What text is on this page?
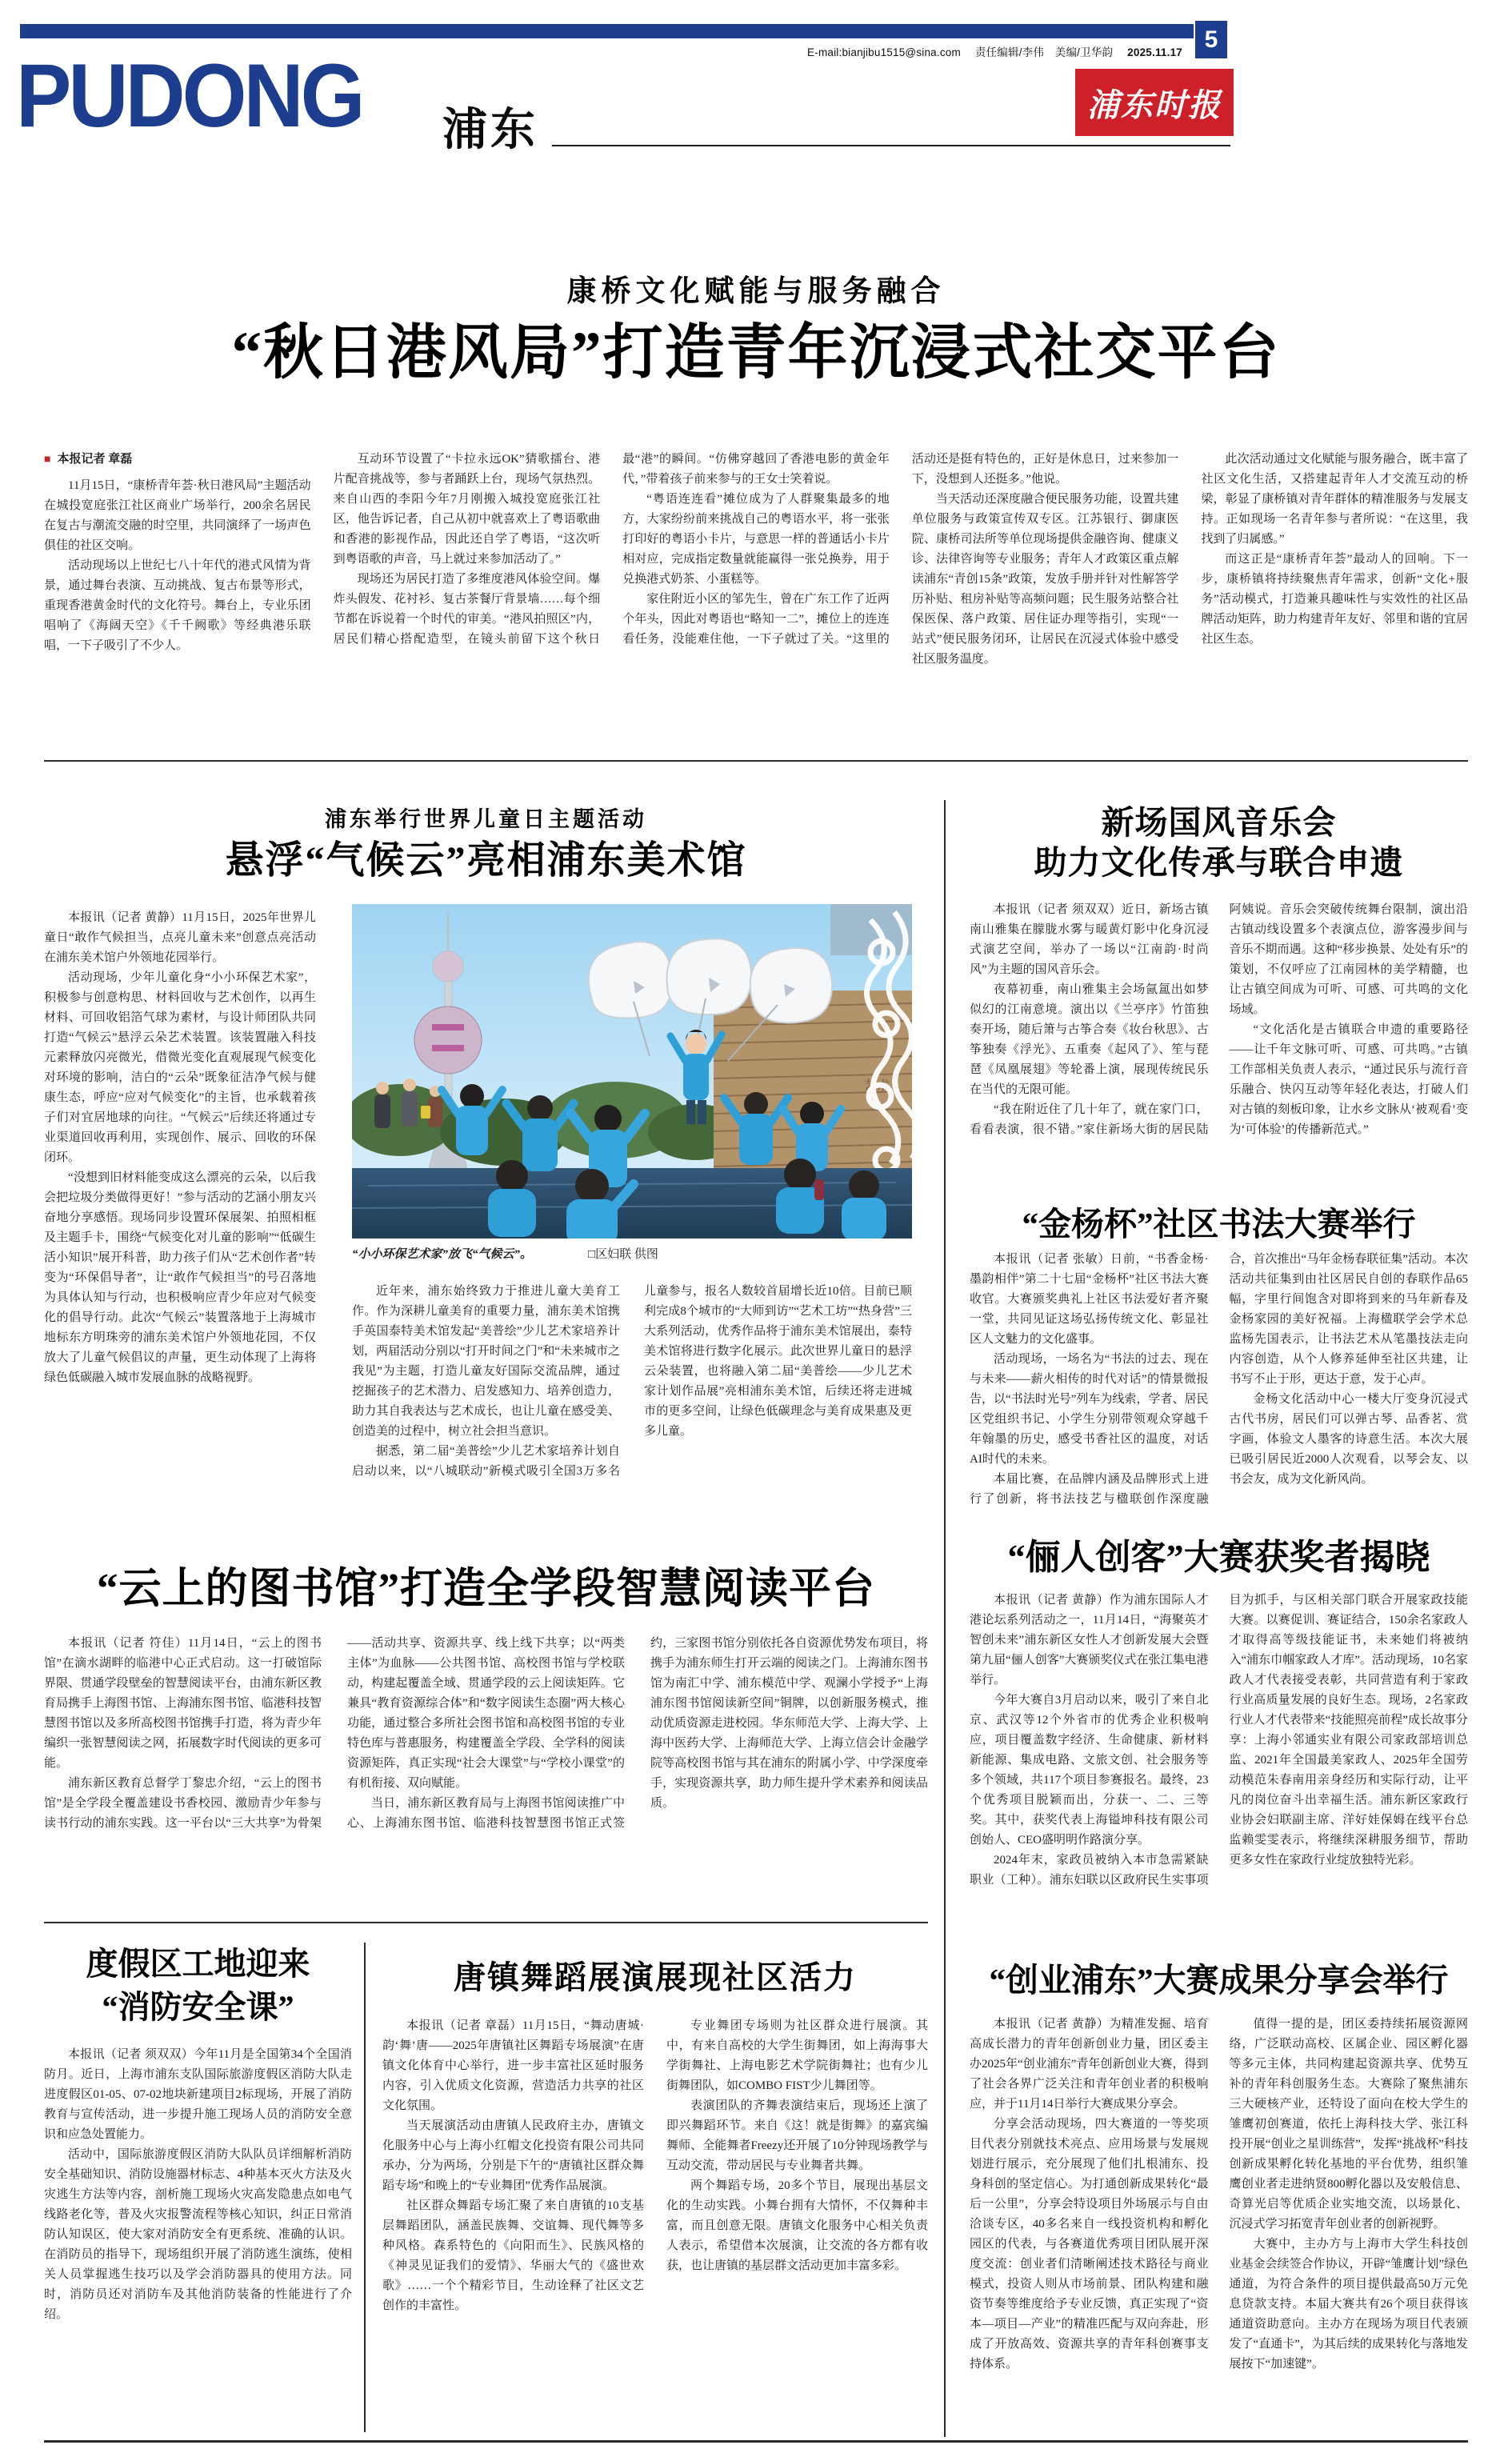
5
E-mail:bianjibu1515@sina.com 责任编辑/李伟　美编/卫华韵 2025.11.17
PUDONG 浦东
浦东时报
康桥文化赋能与服务融合
“秋日港风局”打造青年沉浸式社交平台

■ 本报记者 章磊

11月15日，“康桥青年荟·秋日港风局”主题活动在城投宽庭张江社区商业广场举行，200余名居民在复古与潮流交融的时空里，共同演绎了一场声色俱佳的社区交响。

活动现场以上世纪七八十年代的港式风情为背景，通过舞台表演、互动挑战、复古布景等形式，重现香港黄金时代的文化符号。舞台上，专业乐团唱响了《海阔天空》《千千阙歌》等经典港乐联唱，一下子吸引了不少人。

互动环节设置了“卡拉永远OK”猜歌擂台、港片配音挑战等，参与者踊跃上台，现场气氛热烈。来自山西的李阳今年7月刚搬入城投宽庭张江社区，他告诉记者，自己从初中就喜欢上了粤语歌曲和香港的影视作品，因此还自学了粤语，“这次听到粤语歌的声音，马上就过来参加活动了。”

现场还为居民打造了多维度港风体验空间。爆炸头假发、花衬衫、复古茶餐厅背景墙……每个细节都在诉说着一个时代的审美。“港风拍照区”内，居民们精心搭配造型，在镜头前留下这个秋日最“港”的瞬间。“仿佛穿越回了香港电影的黄金年代，”带着孩子前来参与的王女士笑着说。

“粤语连连看”摊位成为了人群聚集最多的地方，大家纷纷前来挑战自己的粤语水平，将一张张打印好的粤语小卡片，与意思一样的普通话小卡片相对应，完成指定数量就能赢得一张兑换券，用于兑换港式奶茶、小蛋糕等。

家住附近小区的邹先生，曾在广东工作了近两个年头，因此对粤语也“略知一二”，摊位上的连连看任务，没能难住他，一下子就过了关。“这里的活动还是挺有特色的，正好是休息日，过来参加一下，没想到人还挺多。”他说。

当天活动还深度融合便民服务功能，设置共建单位服务与政策宣传双专区。江苏银行、御康医院、康桥司法所等单位现场提供金融咨询、健康义诊、法律咨询等专业服务；青年人才政策区重点解读浦东“青创15条”政策，发放手册并针对性解答学历补贴、租房补贴等高频问题；民生服务站整合社保医保、落户政策、居住证办理等指引，实现“一站式”便民服务闭环，让居民在沉浸式体验中感受社区服务温度。

此次活动通过文化赋能与服务融合，既丰富了社区文化生活，又搭建起青年人才交流互动的桥梁，彰显了康桥镇对青年群体的精准服务与发展支持。正如现场一名青年参与者所说：“在这里，我找到了归属感。”

而这正是“康桥青年荟”最动人的回响。下一步，康桥镇将持续聚焦青年需求，创新“文化+服务”活动模式，打造兼具趣味性与实效性的社区品牌活动矩阵，助力构建青年友好、邻里和谐的宜居社区生态。

浦东举行世界儿童日主题活动
悬浮“气候云”亮相浦东美术馆

本报讯（记者 黄静）11月15日，2025年世界儿童日“敢作气候担当，点亮儿童未来”创意点亮活动在浦东美术馆户外领地花园举行。

活动现场，少年儿童化身“小小环保艺术家”，积极参与创意构思、材料回收与艺术创作，以再生材料、可回收铝箔气球为素材，与设计师团队共同打造“气候云”悬浮云朵艺术装置。该装置融入科技元素释放闪亮微光，借微光变化直观展现气候变化对环境的影响，洁白的“云朵”既象征洁净气候与健康生态，呼应“应对气候变化”的主旨，也承载着孩子们对宜居地球的向往。“气候云”后续还将通过专业渠道回收再利用，实现创作、展示、回收的环保闭环。

“没想到旧材料能变成这么漂亮的云朵，以后我会把垃圾分类做得更好！”参与活动的艺涵小朋友兴奋地分享感悟。现场同步设置环保展架、拍照相框及主题手卡，围绕“气候变化对儿童的影响”“低碳生活小知识”展开科普，助力孩子们从“艺术创作者”转变为“环保倡导者”，让“敢作气候担当”的号召落地为具体认知与行动，也积极响应青少年应对气候变化的倡导行动。此次“气候云”装置落地于上海城市地标东方明珠旁的浦东美术馆户外领地花园，不仅放大了儿童气候倡议的声量，更生动体现了上海将绿色低碳融入城市发展血脉的战略视野。

艺术
“小小环保艺术家”放飞“气候云”。	□区妇联 供图

近年来，浦东始终致力于推进儿童大美育工作。作为深耕儿童美育的重要力量，浦东美术馆携手英国泰特美术馆发起“美普绘”少儿艺术家培养计划，两届活动分别以“打开时间之门”和“未来城市之我见”为主题，打造儿童友好国际交流品牌，通过挖掘孩子的艺术潜力、启发感知力、培养创造力，助力其自我表达与艺术成长，也让儿童在感受美、创造美的过程中，树立社会担当意识。

据悉，第二届“美普绘”少儿艺术家培养计划自启动以来，以“八城联动”新模式吸引全国3万多名儿童参与，报名人数较首届增长近10倍。目前已顺利完成8个城市的“大师到访”“艺术工坊”“热身营”三大系列活动，优秀作品将于浦东美术馆展出，泰特美术馆将进行数字化展示。此次世界儿童日的悬浮云朵装置，也将融入第二届“美普绘——少儿艺术家计划作品展”亮相浦东美术馆，后续还将走进城市的更多空间，让绿色低碳理念与美育成果惠及更多儿童。

“云上的图书馆”打造全学段智慧阅读平台

本报讯（记者 符佳）11月14日，“云上的图书馆”在滴水湖畔的临港中心正式启动。这一打破馆际界限、贯通学段壁垒的智慧阅读平台，由浦东新区教育局携手上海图书馆、上海浦东图书馆、临港科技智慧图书馆以及多所高校图书馆携手打造，将为青少年编织一张智慧阅读之网，拓展数字时代阅读的更多可能。

浦东新区教育总督学丁黎忠介绍，“云上的图书馆”是全学段全覆盖建设书香校园、激励青少年参与读书行动的浦东实践。这一平台以“三大共享”为骨架——活动共享、资源共享、线上线下共享；以“两类主体”为血脉——公共图书馆、高校图书馆与学校联动，构建起覆盖全域、贯通学段的云上阅读矩阵。它兼具“教育资源综合体”和“数字阅读生态圈”两大核心功能，通过整合多所社会图书馆和高校图书馆的专业特色库与普惠服务，构建覆盖全学段、全学科的阅读资源矩阵，真正实现“社会大课堂”与“学校小课堂”的有机衔接、双向赋能。

当日，浦东新区教育局与上海图书馆阅读推广中心、上海浦东图书馆、临港科技智慧图书馆正式签约，三家图书馆分别依托各自资源优势发布项目，将携手为浦东师生打开云端的阅读之门。上海浦东图书馆为南汇中学、浦东模范中学、观澜小学授予“上海浦东图书馆阅读新空间”铜牌，以创新服务模式，推动优质资源走进校园。华东师范大学、上海大学、上海中医药大学、上海师范大学、上海立信会计金融学院等高校图书馆与其在浦东的附属小学、中学深度牵手，实现资源共享，助力师生提升学术素养和阅读品质。

度假区工地迎来
“消防安全课”

本报讯（记者 须双双）今年11月是全国第34个全国消防月。近日，上海市浦东支队国际旅游度假区消防大队走进度假区01-05、07-02地块新建项目2标现场，开展了消防教育与宣传活动，进一步提升施工现场人员的消防安全意识和应急处置能力。

活动中，国际旅游度假区消防大队队员详细解析消防安全基础知识、消防设施器材标志、4种基本灭火方法及火灾逃生方法等内容，剖析施工现场火灾高发隐患点如电气线路老化等，普及火灾报警流程等核心知识，纠正日常消防认知误区，使大家对消防安全有更系统、准确的认识。在消防员的指导下，现场组织开展了消防逃生演练，使相关人员掌握逃生技巧以及学会消防器具的使用方法。同时，消防员还对消防车及其他消防装备的性能进行了介绍。

唐镇舞蹈展演展现社区活力

本报讯（记者 章磊）11月15日，“舞动唐城·韵‘舞’唐——2025年唐镇社区舞蹈专场展演”在唐镇文化体育中心举行，进一步丰富社区延时服务内容，引入优质文化资源，营造活力共享的社区文化氛围。

当天展演活动由唐镇人民政府主办，唐镇文化服务中心与上海小红帽文化投资有限公司共同承办，分为两场，分别是下午的“唐镇社区群众舞蹈专场”和晚上的“专业舞团”优秀作品展演。

社区群众舞蹈专场汇聚了来自唐镇的10支基层舞蹈团队，涵盖民族舞、交谊舞、现代舞等多种风格。森系特色的《向阳而生》、民族风格的《神灵见证我们的爱情》、华丽大气的《盛世欢歌》……一个个精彩节目，生动诠释了社区文艺创作的丰富性。

专业舞团专场则为社区群众进行展演。其中，有来自高校的大学生街舞团，如上海海事大学街舞社、上海电影艺术学院街舞社；也有少儿街舞团队，如COMBO FIST少儿舞团等。

表演团队的齐舞表演结束后，现场还上演了即兴舞蹈环节。来自《这！就是街舞》的嘉宾编舞师、全能舞者Freezy还开展了10分钟现场教学与互动交流，带动居民与专业舞者共舞。

两个舞蹈专场，20多个节目，展现出基层文化的生动实践。小舞台拥有大情怀，不仅舞种丰富，而且创意无限。唐镇文化服务中心相关负责人表示，希望借本次展演，让交流的各方都有收获，也让唐镇的基层群文活动更加丰富多彩。

新场国风音乐会
助力文化传承与联合申遗

本报讯（记者 须双双）近日，新场古镇南山雅集在朦胧水雾与暖黄灯影中化身沉浸式演艺空间，举办了一场以“江南韵·时尚风”为主题的国风音乐会。

夜幕初垂，南山雅集主会场氤氲出如梦似幻的江南意境。演出以《兰亭序》竹笛独奏开场，随后箫与古筝合奏《妆台秋思》、古筝独奏《浮光》、五重奏《起风了》、笙与琵琶《凤凰展翅》等轮番上演，展现传统民乐在当代的无限可能。

“我在附近住了几十年了，就在家门口，看看表演，很不错。”家住新场大街的居民陆阿姨说。音乐会突破传统舞台限制，演出沿古镇动线设置多个表演点位，游客漫步间与音乐不期而遇。这种“移步换景、处处有乐”的策划，不仅呼应了江南园林的美学精髓，也让古镇空间成为可听、可感、可共鸣的文化场域。

“文化活化是古镇联合申遗的重要路径——让千年文脉可听、可感、可共鸣。”古镇工作部相关负责人表示，“通过民乐与流行音乐融合、快闪互动等年轻化表达，打破人们对古镇的刻板印象，让水乡文脉从‘被观看’变为‘可体验’的传播新范式。”

“金杨杯”社区书法大赛举行

本报讯（记者 张敏）日前，“书香金杨·墨韵相伴”第二十七届“金杨杯”社区书法大赛收官。大赛颁奖典礼上社区书法爱好者齐聚一堂，共同见证这场弘扬传统文化、彰显社区人文魅力的文化盛事。

活动现场，一场名为“书法的过去、现在与未来——薪火相传的时代对话”的情景微报告，以“书法时光号”列车为线索，学者、居民区党组织书记、小学生分别带领观众穿越千年翰墨的历史，感受书香社区的温度，对话AI时代的未来。

本届比赛，在品牌内涵及品牌形式上进行了创新，将书法技艺与楹联创作深度融合，首次推出“马年金杨春联征集”活动。本次活动共征集到由社区居民自创的春联作品65幅，字里行间饱含对即将到来的马年新春及金杨家园的美好祝福。上海楹联学会学术总监杨先国表示，让书法艺术从笔墨技法走向内容创造，从个人修养延伸至社区共建，让书写不止于形，更达于意，发于心声。

金杨文化活动中心一楼大厅变身沉浸式古代书房，居民们可以弹古琴、品香茗、赏字画，体验文人墨客的诗意生活。本次大展已吸引居民近2000人次观看，以琴会友、以书会友，成为文化新风尚。

“俪人创客”大赛获奖者揭晓

本报讯（记者 黄静）作为浦东国际人才港论坛系列活动之一，11月14日，“海聚英才 智创未来”浦东新区女性人才创新发展大会暨第九届“俪人创客”大赛颁奖仪式在张江集电港举行。

今年大赛自3月启动以来，吸引了来自北京、武汉等12个外省市的优秀企业积极响应，项目覆盖数字经济、生命健康、新材料新能源、集成电路、文旅文创、社会服务等多个领域，共117个项目参赛报名。最终，23个优秀项目脱颖而出，分获一、二、三等奖。其中，获奖代表上海镒坤科技有限公司创始人、CEO盛明明作路演分享。

2024年末，家政员被纳入本市急需紧缺职业（工种）。浦东妇联以区政府民生实事项目为抓手，与区相关部门联合开展家政技能大赛。以赛促训、赛证结合，150余名家政人才取得高等级技能证书，未来她们将被纳入“浦东巾帼家政人才库”。活动现场，10名家政人才代表接受表彰，共同营造有利于家政行业高质量发展的良好生态。现场，2名家政行业人才代表带来“技能照亮前程”成长故事分享：上海小邻通实业有限公司家政部培训总监、2021年全国最美家政人、2025年全国劳动模范朱春南用亲身经历和实际行动，让平凡的岗位奋斗出幸福生活。浦东新区家政行业协会妇联副主席、洋好娃保姆在线平台总监赖雯雯表示，将继续深耕服务细节，帮助更多女性在家政行业绽放独特光彩。

“创业浦东”大赛成果分享会举行

本报讯（记者 黄静）为精准发掘、培育高成长潜力的青年创新创业力量，团区委主办2025年“创业浦东”青年创新创业大赛，得到了社会各界广泛关注和青年创业者的积极响应，并于11月14日举行大赛成果分享会。

分享会活动现场，四大赛道的一等奖项目代表分别就技术亮点、应用场景与发展规划进行展示，充分展现了他们扎根浦东、投身科创的坚定信心。为打通创新成果转化“最后一公里”，分享会特设项目外场展示与自由洽谈专区，40多名来自一线投资机构和孵化园区的代表，与各赛道优秀项目团队展开深度交流：创业者们清晰阐述技术路径与商业模式，投资人则从市场前景、团队构建和融资节奏等维度给予专业反馈，真正实现了“资本—项目—产业”的精准匹配与双向奔赴，形成了开放高效、资源共享的青年科创赛事支持体系。

值得一提的是，团区委持续拓展资源网络，广泛联动高校、区属企业、园区孵化器等多元主体，共同构建起资源共享、优势互补的青年科创服务生态。大赛除了聚焦浦东三大硬核产业，还特设了面向在校大学生的雏鹰初创赛道，依托上海科技大学、张江科投开展“创业之星训练营”，发挥“挑战杯”科技创新成果孵化转化基地的平台优势，组织雏鹰创业者走进纳贤800孵化器以及安般信息、奇算光启等优质企业实地交流，以场景化、沉浸式学习拓宽青年创业者的创新视野。

大赛中，主办方与上海市大学生科技创业基金会续签合作协议，开辟“雏鹰计划”绿色通道，为符合条件的项目提供最高50万元免息贷款支持。本届大赛共有26个项目获得该通道资助意向。主办方在现场为项目代表颁发了“直通卡”，为其后续的成果转化与落地发展按下“加速键”。
